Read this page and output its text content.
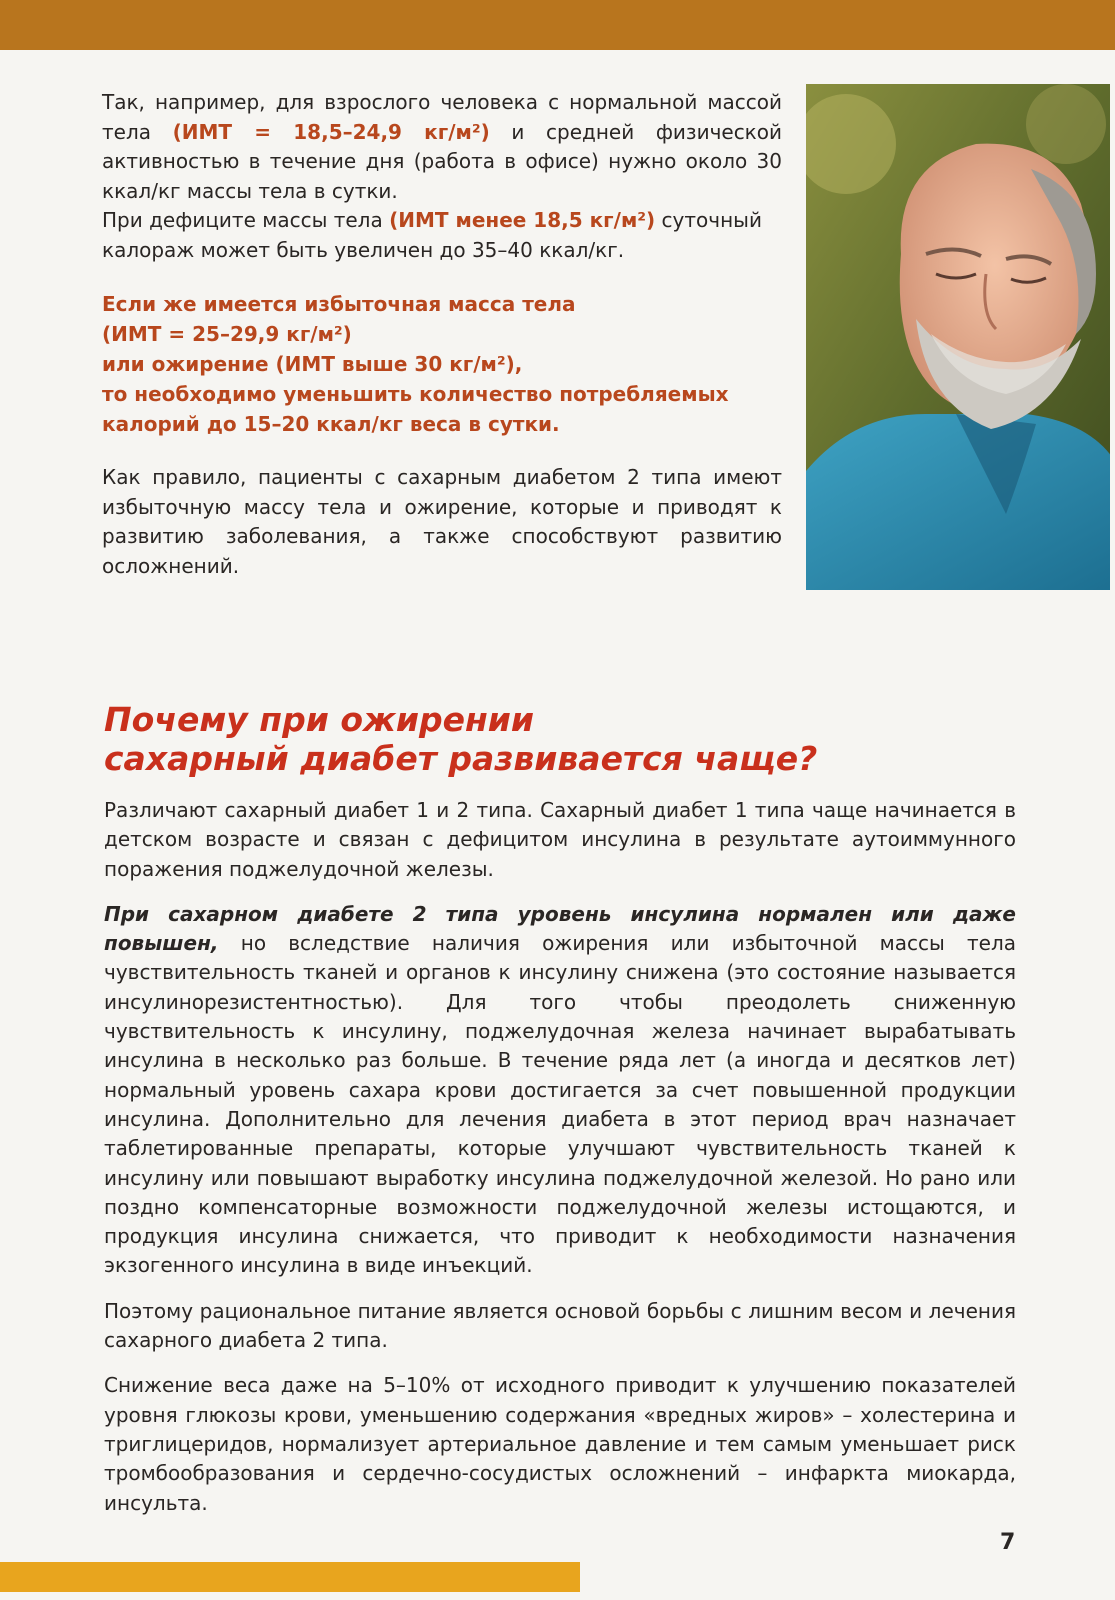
Так, например, для взрослого человека с нормальной массой тела (ИМТ = 18,5–24,9 кг/м²) и средней физической активностью в течение дня (работа в офисе) нужно около 30 ккал/кг массы тела в сутки.

При дефиците массы тела (ИМТ менее 18,5 кг/м²) суточный калораж может быть увеличен до 35–40 ккал/кг.

Если же имеется избыточная масса тела
(ИМТ = 25–29,9 кг/м²)
или ожирение (ИМТ выше 30 кг/м²),
то необходимо уменьшить количество потребляемых
калорий до 15–20 ккал/кг веса в сутки.

Как правило, пациенты с сахарным диабетом 2 типа имеют избыточную массу тела и ожирение, которые и приводят к развитию заболевания, а также способствуют развитию осложнений.

Почему при ожирении
сахарный диабет развивается чаще?

Различают сахарный диабет 1 и 2 типа. Сахарный диабет 1 типа чаще начинается в детском возрасте и связан с дефицитом инсулина в результате аутоиммунного поражения поджелудочной железы.

При сахарном диабете 2 типа уровень инсулина нормален или даже повышен, но вследствие наличия ожирения или избыточной массы тела чувствительность тканей и органов к инсулину снижена (это состояние называется инсулинорезистентностью). Для того чтобы преодолеть сниженную чувствительность к инсулину, поджелудочная железа начинает вырабатывать инсулина в несколько раз больше. В течение ряда лет (а иногда и десятков лет) нормальный уровень сахара крови достигается за счет повышенной продукции инсулина. Дополнительно для лечения диабета в этот период врач назначает таблетированные препараты, которые улучшают чувствительность тканей к инсулину или повышают выработку инсулина поджелудочной железой. Но рано или поздно компенсаторные возможности поджелудочной железы истощаются, и продукция инсулина снижается, что приводит к необходимости назначения экзогенного инсулина в виде инъекций.

Поэтому рациональное питание является основой борьбы с лишним весом и лечения сахарного диабета 2 типа.

Снижение веса даже на 5–10% от исходного приводит к улучшению показателей уровня глюкозы крови, уменьшению содержания «вредных жиров» – холестерина и триглицеридов, нормализует артериальное давление и тем самым уменьшает риск тромбообразования и сердечно-сосудистых осложнений – инфаркта миокарда, инсульта.

7
